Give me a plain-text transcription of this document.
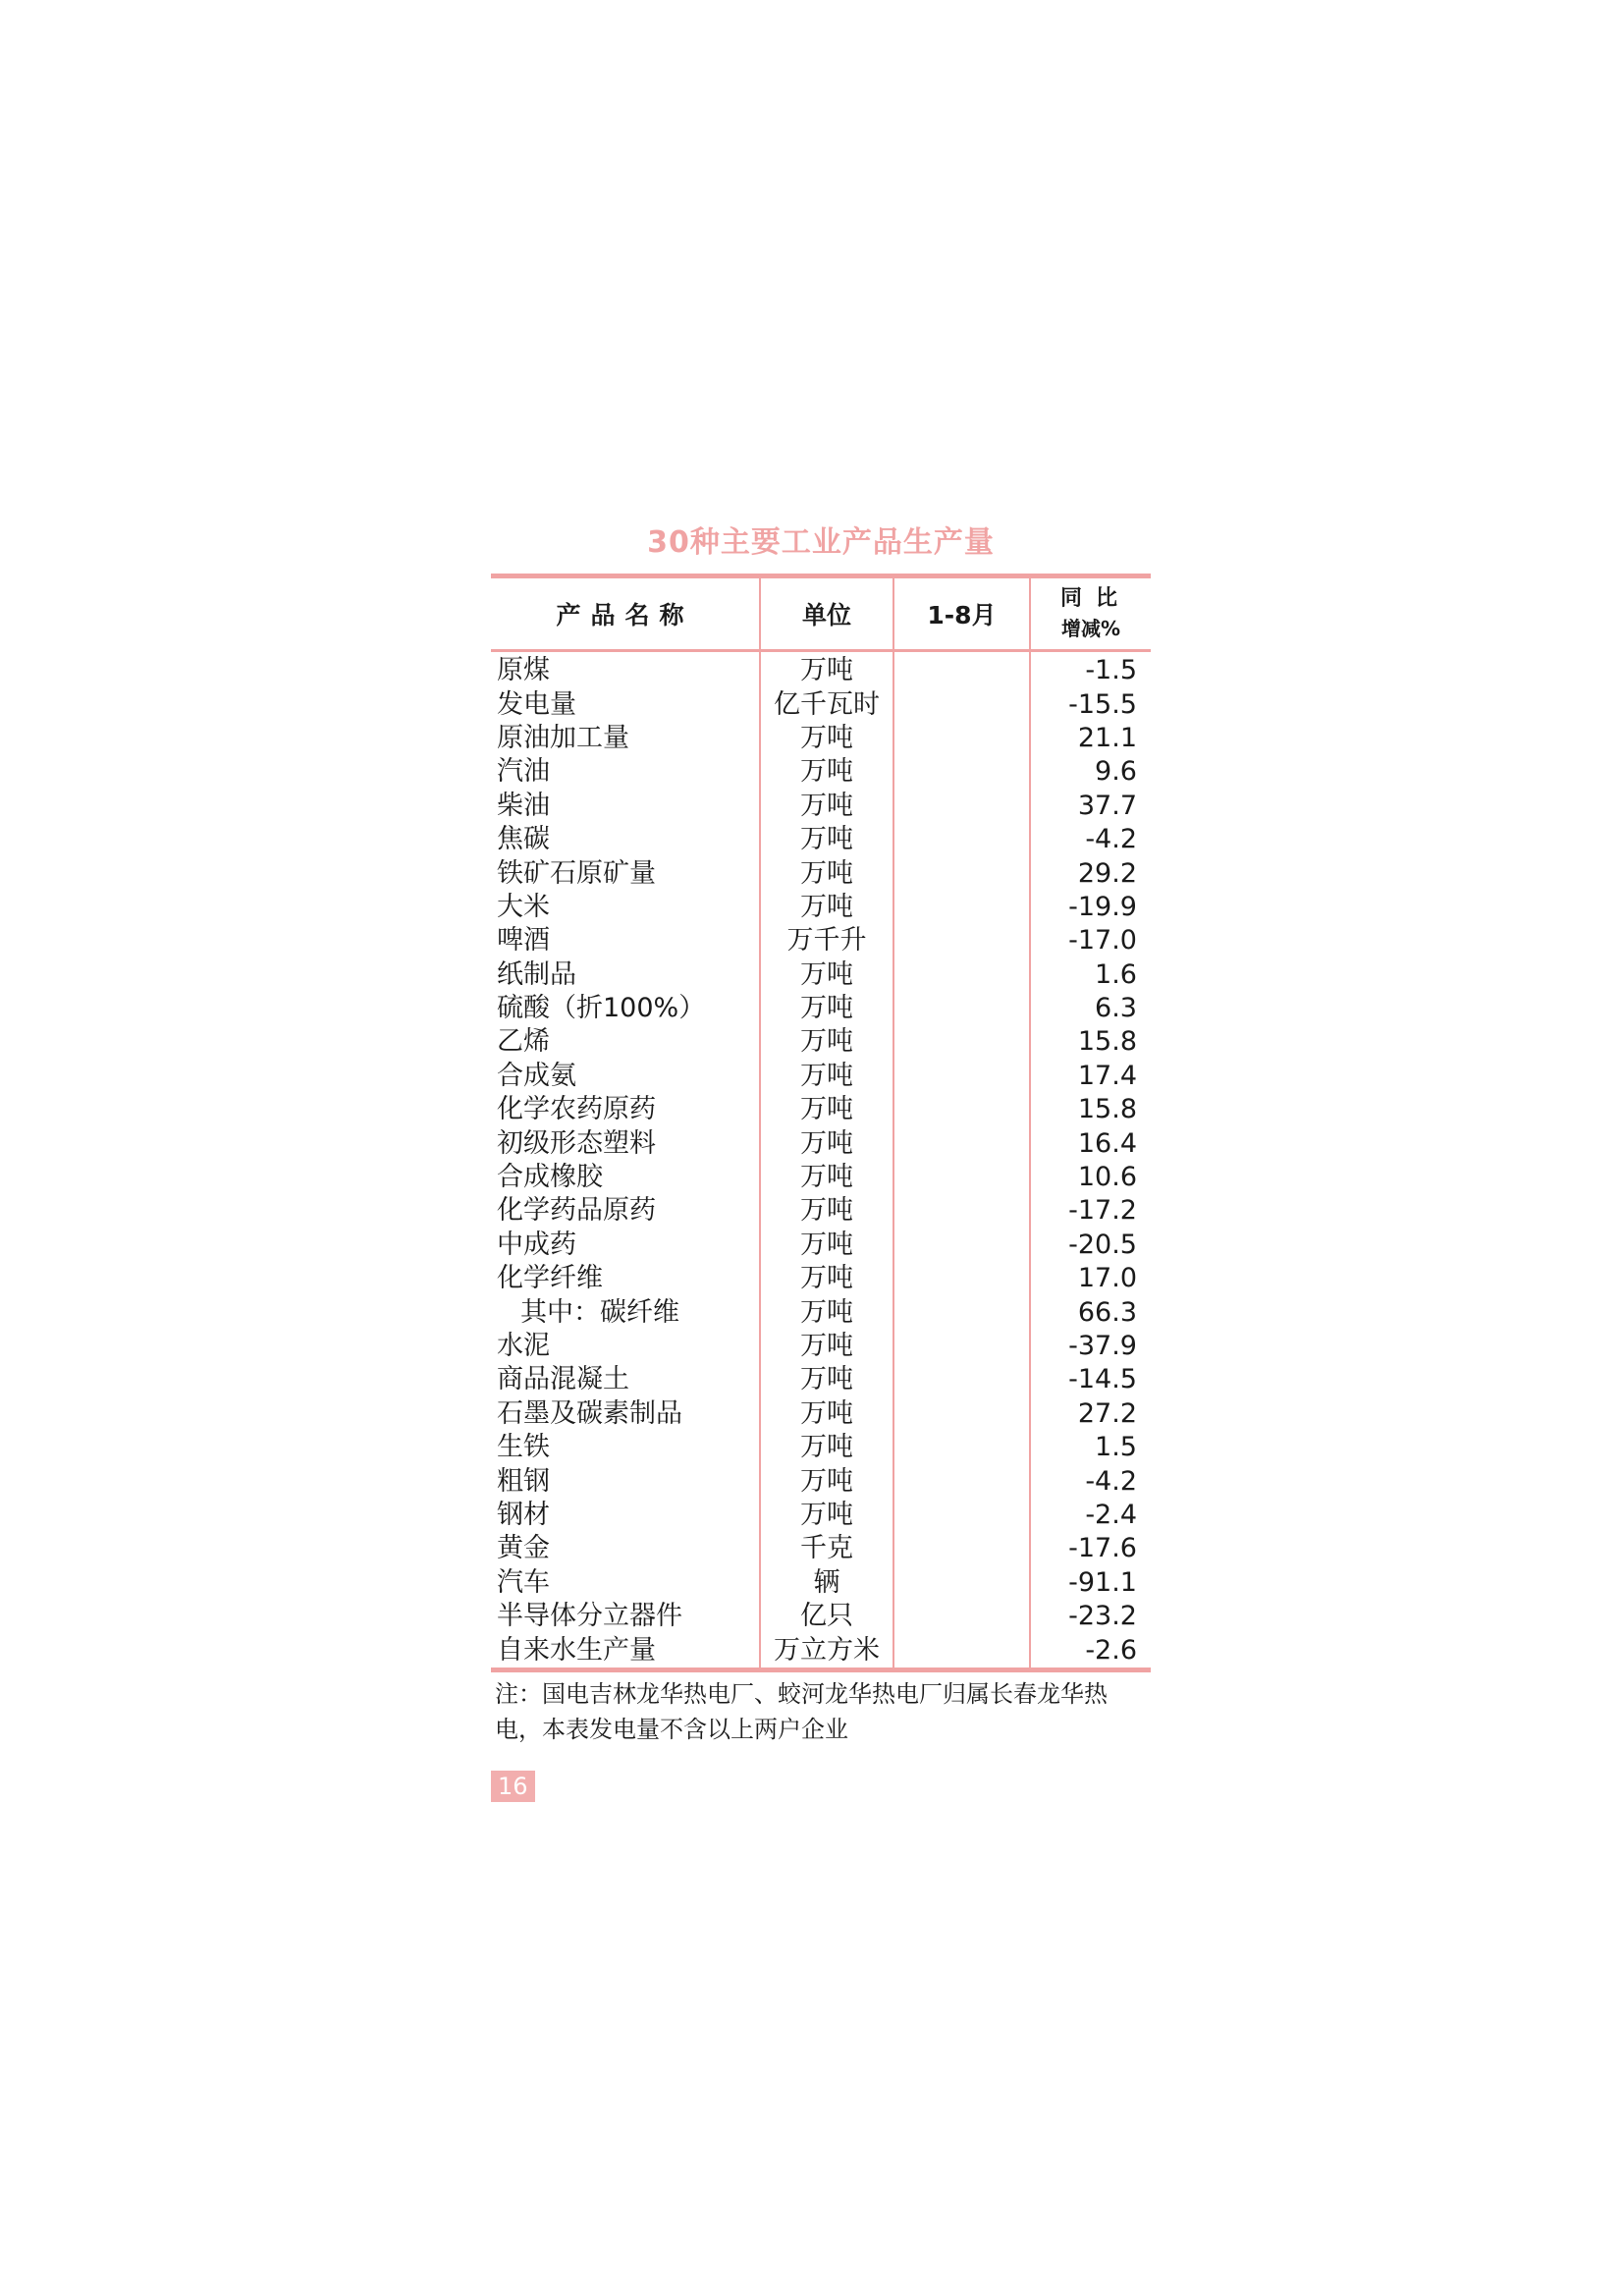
30种主要工业产品生产量
产品名称	单位	1-8月	同比
增减%

原煤	万吨		-1.5
发电量	亿千瓦时		-15.5
原油加工量	万吨		21.1
汽油	万吨		9.6
柴油	万吨		37.7
焦碳	万吨		-4.2
铁矿石原矿量	万吨		29.2
大米	万吨		-19.9
啤酒	万千升		-17.0
纸制品	万吨		1.6
硫酸（折100%）	万吨		6.3
乙烯	万吨		15.8
合成氨	万吨		17.4
化学农药原药	万吨		15.8
初级形态塑料	万吨		16.4
合成橡胶	万吨		10.6
化学药品原药	万吨		-17.2
中成药	万吨		-20.5
化学纤维	万吨		17.0
其中：碳纤维	万吨		66.3
水泥	万吨		-37.9
商品混凝土	万吨		-14.5
石墨及碳素制品	万吨		27.2
生铁	万吨		1.5
粗钢	万吨		-4.2
钢材	万吨		-2.4
黄金	千克		-17.6
汽车	辆		-91.1
半导体分立器件	亿只		-23.2
自来水生产量	万立方米		-2.6
注：国电吉林龙华热电厂、蛟河龙华热电厂归属长春龙华热电，本表发电量不含以上两户企业
16
